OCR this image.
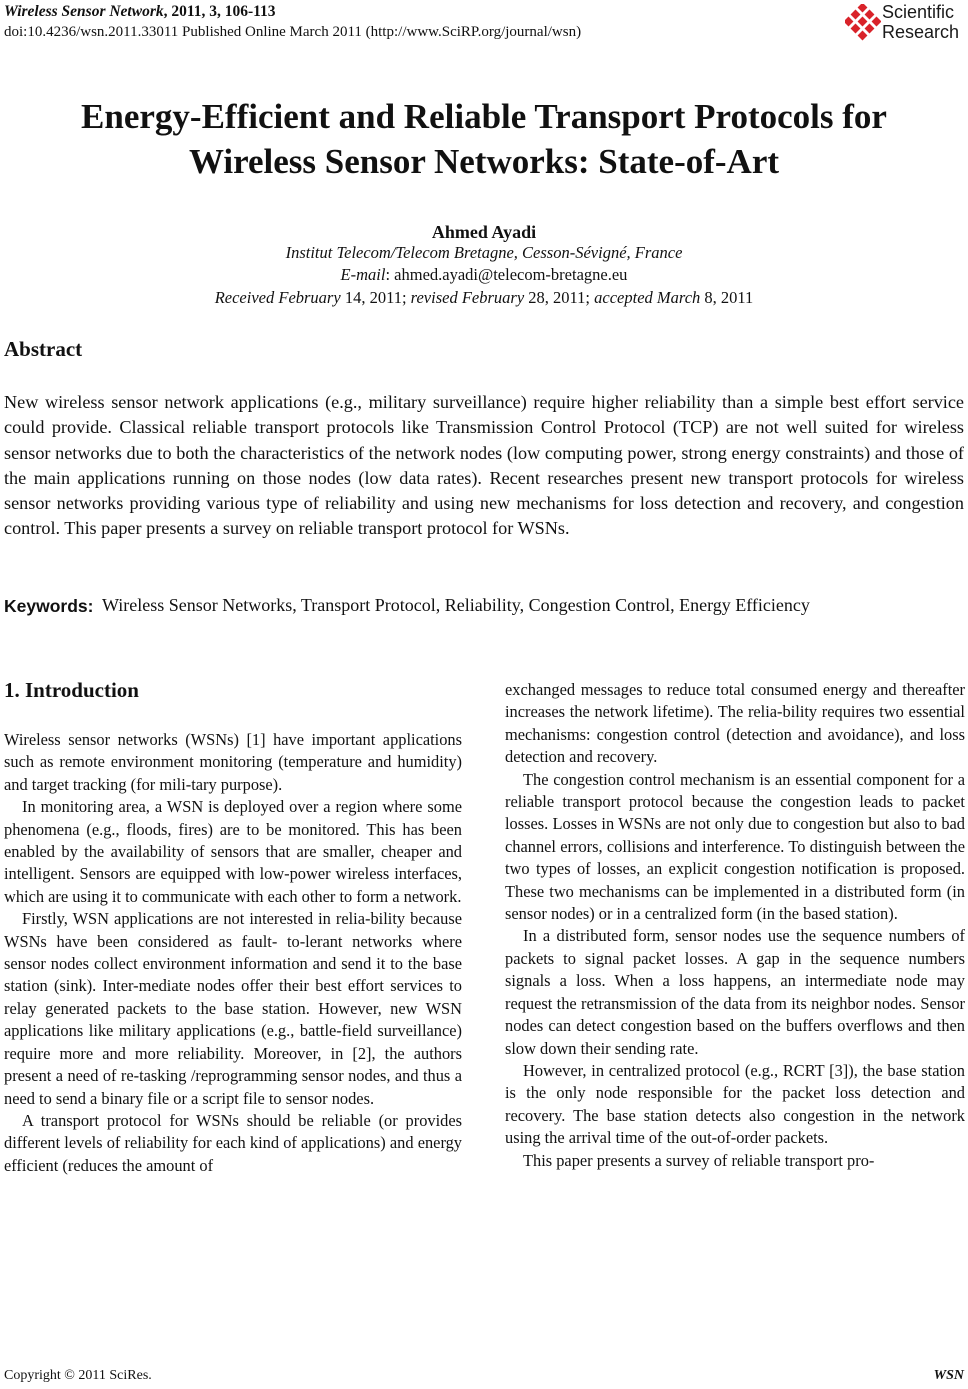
Wireless Sensor Network, 2011, 3, 106-113
doi:10.4236/wsn.2011.33011 Published Online March 2011 (http://www.SciRP.org/journal/wsn)
Scientific
Research
Energy-Efficient and Reliable Transport Protocols for
Wireless Sensor Networks: State-of-Art
Ahmed Ayadi
Institut Telecom/Telecom Bretagne, Cesson-Sévigné, France
E-mail: ahmed.ayadi@telecom-bretagne.eu
Received February 14, 2011; revised February 28, 2011; accepted March 8, 2011
Abstract
New wireless sensor network applications (e.g., military surveillance) require higher reliability than a simple best effort service could provide. Classical reliable transport protocols like Transmission Control Protocol (TCP) are not well suited for wireless sensor networks due to both the characteristics of the network nodes (low computing power, strong energy constraints) and those of the main applications running on those nodes (low data rates). Recent researches present new transport protocols for wireless sensor networks providing various type of reliability and using new mechanisms for loss detection and recovery, and congestion control. This paper presents a survey on reliable transport protocol for WSNs.
Keywords: Wireless Sensor Networks, Transport Protocol, Reliability, Congestion Control, Energy Efficiency
1. Introduction

Wireless sensor networks (WSNs) [1] have important applications such as remote environment monitoring (temperature and humidity) and target tracking (for mili-tary purpose).

In monitoring area, a WSN is deployed over a region where some phenomena (e.g., floods, fires) are to be monitored. This has been enabled by the availability of sensors that are smaller, cheaper and intelligent. Sensors are equipped with low-power wireless interfaces, which are using it to communicate with each other to form a network.

Firstly, WSN applications are not interested in relia-bility because WSNs have been considered as fault- to-lerant networks where sensor nodes collect environment information and send it to the base station (sink). Inter-mediate nodes offer their best effort services to relay generated packets to the base station. However, new WSN applications like military applications (e.g., battle-field surveillance) require more and more reliability. Moreover, in [2], the authors present a need of re-tasking /reprogramming sensor nodes, and thus a need to send a binary file or a script file to sensor nodes.

A transport protocol for WSNs should be reliable (or provides different levels of reliability for each kind of applications) and energy efficient (reduces the amount of

exchanged messages to reduce total consumed energy and thereafter increases the network lifetime). The relia-bility requires two essential mechanisms: congestion control (detection and avoidance), and loss detection and recovery.

The congestion control mechanism is an essential component for a reliable transport protocol because the congestion leads to packet losses. Losses in WSNs are not only due to congestion but also to bad channel errors, collisions and interference. To distinguish between the two types of losses, an explicit congestion notification is proposed. These two mechanisms can be implemented in a distributed form (in sensor nodes) or in a centralized form (in the based station).

In a distributed form, sensor nodes use the sequence numbers of packets to signal packet losses. A gap in the sequence numbers signals a loss. When a loss happens, an intermediate node may request the retransmission of the data from its neighbor nodes. Sensor nodes can detect congestion based on the buffers overflows and then slow down their sending rate.

However, in centralized protocol (e.g., RCRT [3]), the base station is the only node responsible for the packet loss detection and recovery. The base station detects also congestion in the network using the arrival time of the out-of-order packets.

This paper presents a survey of reliable transport pro-

Copyright © 2011 SciRes.	WSN
